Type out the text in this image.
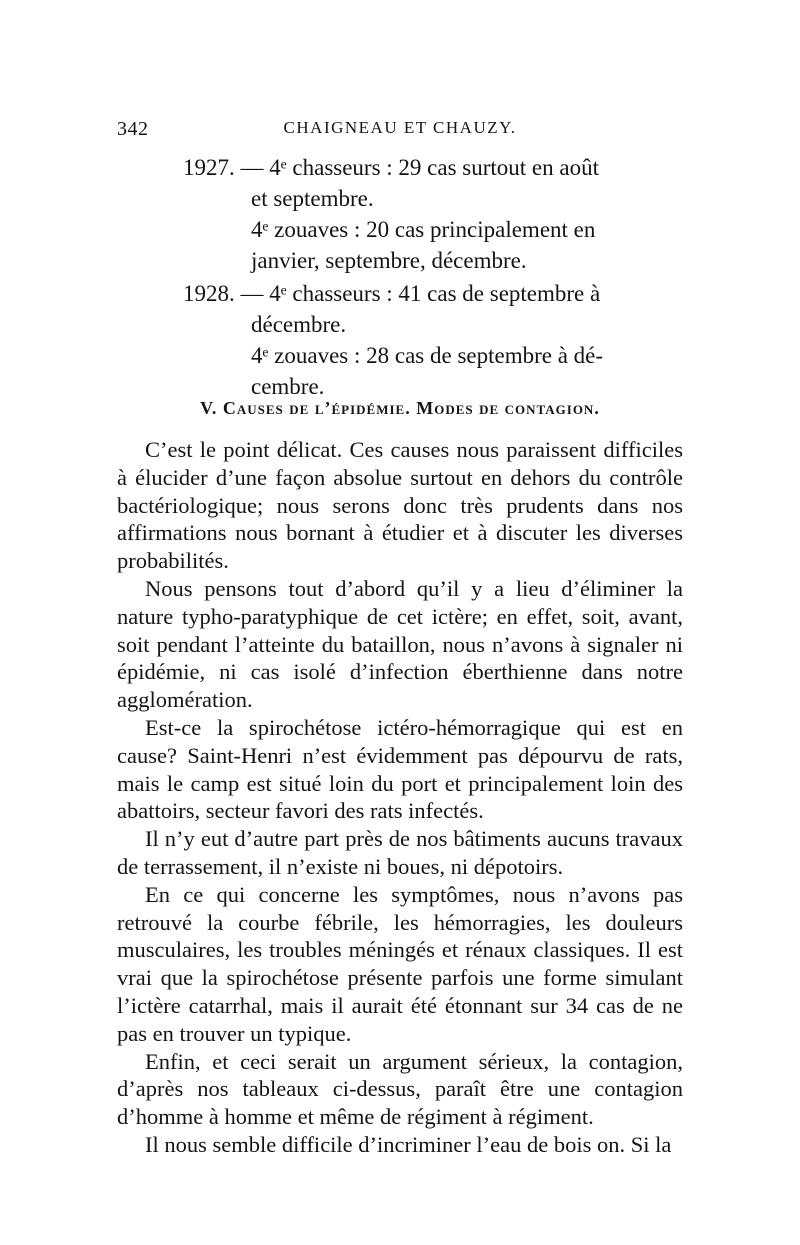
342	CHAIGNEAU ET CHAUZY.
1927. — 4ᵉ chasseurs : 29 cas surtout en août
et septembre.
4ᵉ zouaves : 20 cas principalement en
janvier, septembre, décembre.
1928. — 4ᵉ chasseurs : 41 cas de septembre à
décembre.
4ᵉ zouaves : 28 cas de septembre à dé-
cembre.
V. Causes de l’épidémie. Modes de contagion.

C’est le point délicat. Ces causes nous paraissent difficiles à élucider d’une façon absolue surtout en dehors du contrôle bactériologique; nous serons donc très prudents dans nos affirmations nous bornant à étudier et à discuter les diverses probabilités.

Nous pensons tout d’abord qu’il y a lieu d’éliminer la nature typho-paratyphique de cet ictère; en effet, soit, avant, soit pendant l’atteinte du bataillon, nous n’avons à signaler ni épidémie, ni cas isolé d’infection éberthienne dans notre agglomération.

Est-ce la spirochétose ictéro-hémorragique qui est en cause? Saint-Henri n’est évidemment pas dépourvu de rats, mais le camp est situé loin du port et principalement loin des abattoirs, secteur favori des rats infectés.

Il n’y eut d’autre part près de nos bâtiments aucuns travaux de terrassement, il n’existe ni boues, ni dépotoirs.

En ce qui concerne les symptômes, nous n’avons pas retrouvé la courbe fébrile, les hémorragies, les douleurs musculaires, les troubles méningés et rénaux classiques. Il est vrai que la spirochétose présente parfois une forme simulant l’ictère catarrhal, mais il aurait été étonnant sur 34 cas de ne pas en trouver un typique.

Enfin, et ceci serait un argument sérieux, la contagion, d’après nos tableaux ci-dessus, paraît être une contagion d’homme à homme et même de régiment à régiment.

Il nous semble difficile d’incriminer l’eau de bois on. Si la
